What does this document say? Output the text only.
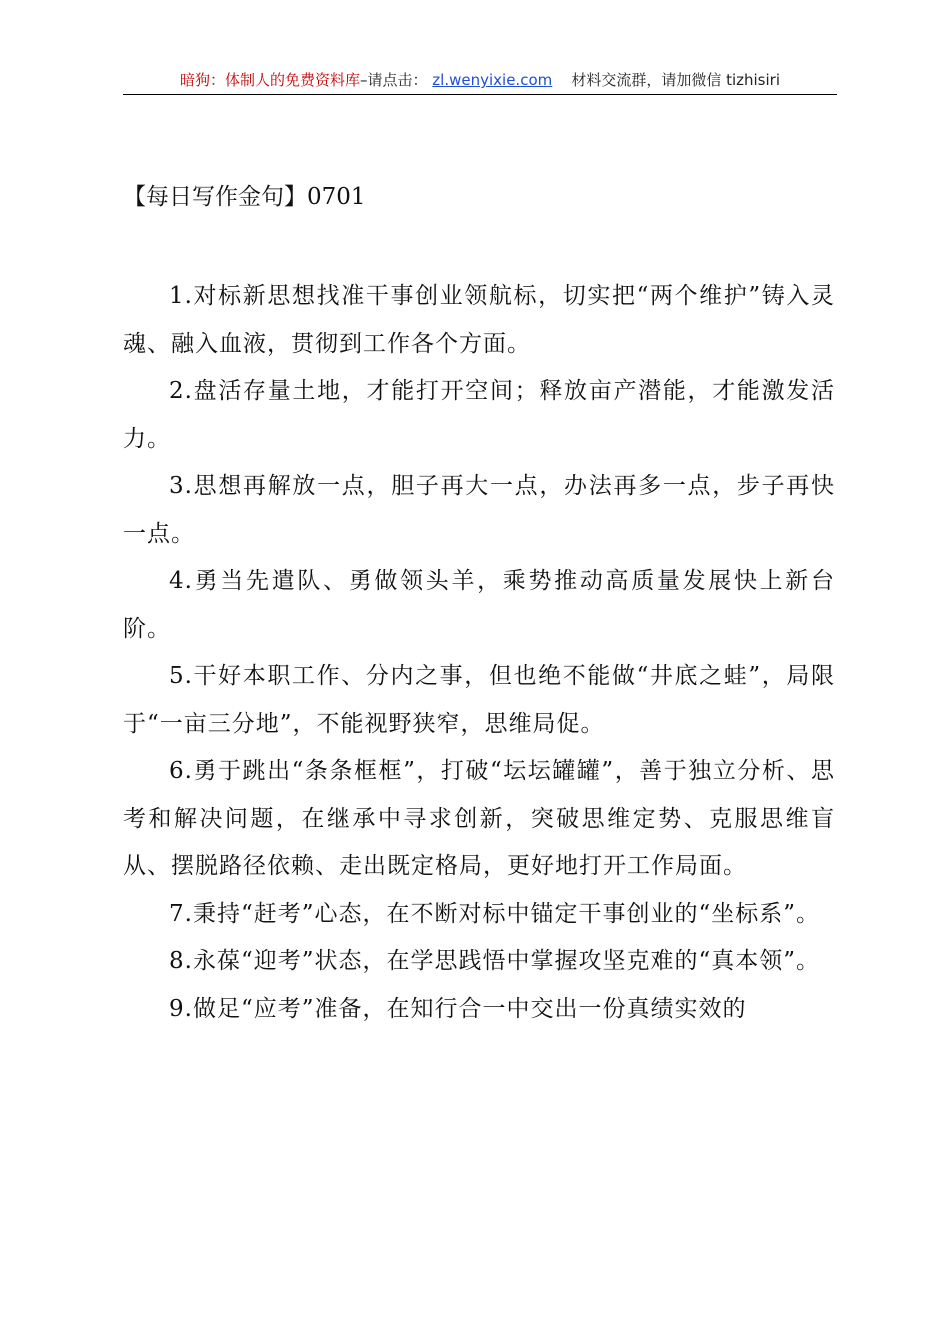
暗狗：体制人的免费资料库–请点击： zl.wenyixie.com 材料交流群，请加微信 tizhisiri
【每日写作金句】0701

1.对标新思想找准干事创业领航标，切实把“两个维护”铸入灵魂、融入血液，贯彻到工作各个方面。

2.盘活存量土地，才能打开空间；释放亩产潜能，才能激发活力。

3.思想再解放一点，胆子再大一点，办法再多一点，步子再快一点。

4.勇当先遣队、勇做领头羊，乘势推动高质量发展快上新台阶。

5.干好本职工作、分内之事，但也绝不能做“井底之蛙”，局限于“一亩三分地”，不能视野狭窄，思维局促。

6.勇于跳出“条条框框”，打破“坛坛罐罐”，善于独立分析、思考和解决问题，在继承中寻求创新，突破思维定势、克服思维盲从、摆脱路径依赖、走出既定格局，更好地打开工作局面。

7.秉持“赶考”心态，在不断对标中锚定干事创业的“坐标系”。

8.永葆“迎考”状态，在学思践悟中掌握攻坚克难的“真本领”。

9.做足“应考”准备，在知行合一中交出一份真绩实效的
